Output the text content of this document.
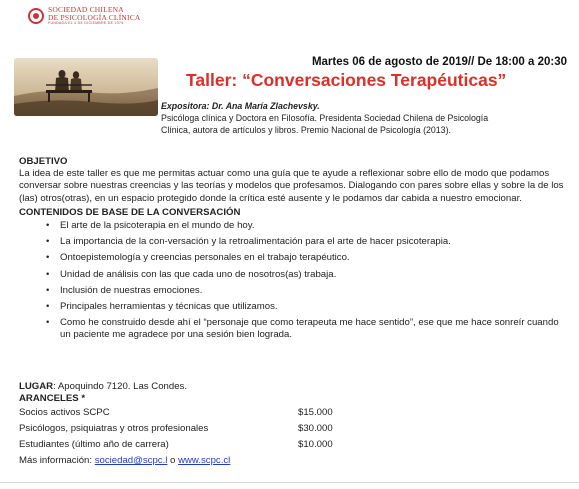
SOCIEDAD CHILENA
DE PSICOLOGÍA CLÍNICA
FUNDADA EL 4 DE DICIEMBRE DE 1974
Martes 06 de agosto de 2019// De 18:00 a 20:30
Taller: “Conversaciones Terapéuticas”
Expositora: Dr. Ana María Zlachevsky.
Psicóloga clínica y Doctora en Filosofía. Presidenta Sociedad Chilena de Psicología
Clínica, autora de artículos y libros. Premio Nacional de Psicología (2013).
OBJETIVO
La idea de este taller es que me permitas actuar como una guía que te ayude a reflexionar sobre ello de modo que podamos conversar sobre nuestras creencias y las teorías y modelos que profesamos. Dialogando con pares sobre ellas y sobre la de los (las) otros(otras), en un espacio protegido donde la crítica esté ausente y le podamos dar cabida a nuestro emocionar.
CONTENIDOS DE BASE DE LA CONVERSACIÓN
• El arte de la psicoterapia en el mundo de hoy.
• La importancia de la con-versación y la retroalimentación para el arte de hacer psicoterapia.
• Ontoepistemología y creencias personales en el trabajo terapéutico.
• Unidad de análisis con las que cada uno de nosotros(as) trabaja.
• Inclusión de nuestras emociones.
• Principales herramientas y técnicas que utilizamos.
• Como he construido desde ahí el “personaje que como terapeuta me hace sentido”, ese que me hace sonreír cuando un paciente me agradece por una sesión bien lograda.
LUGAR: Apoquindo 7120. Las Condes.
ARANCELES *
Socios activos SCPC	$15.000
Psicólogos, psiquiatras y otros profesionales	$30.000
Estudiantes (último año de carrera)	$10.000
Más información: sociedad@scpc.l o www.scpc.cl
